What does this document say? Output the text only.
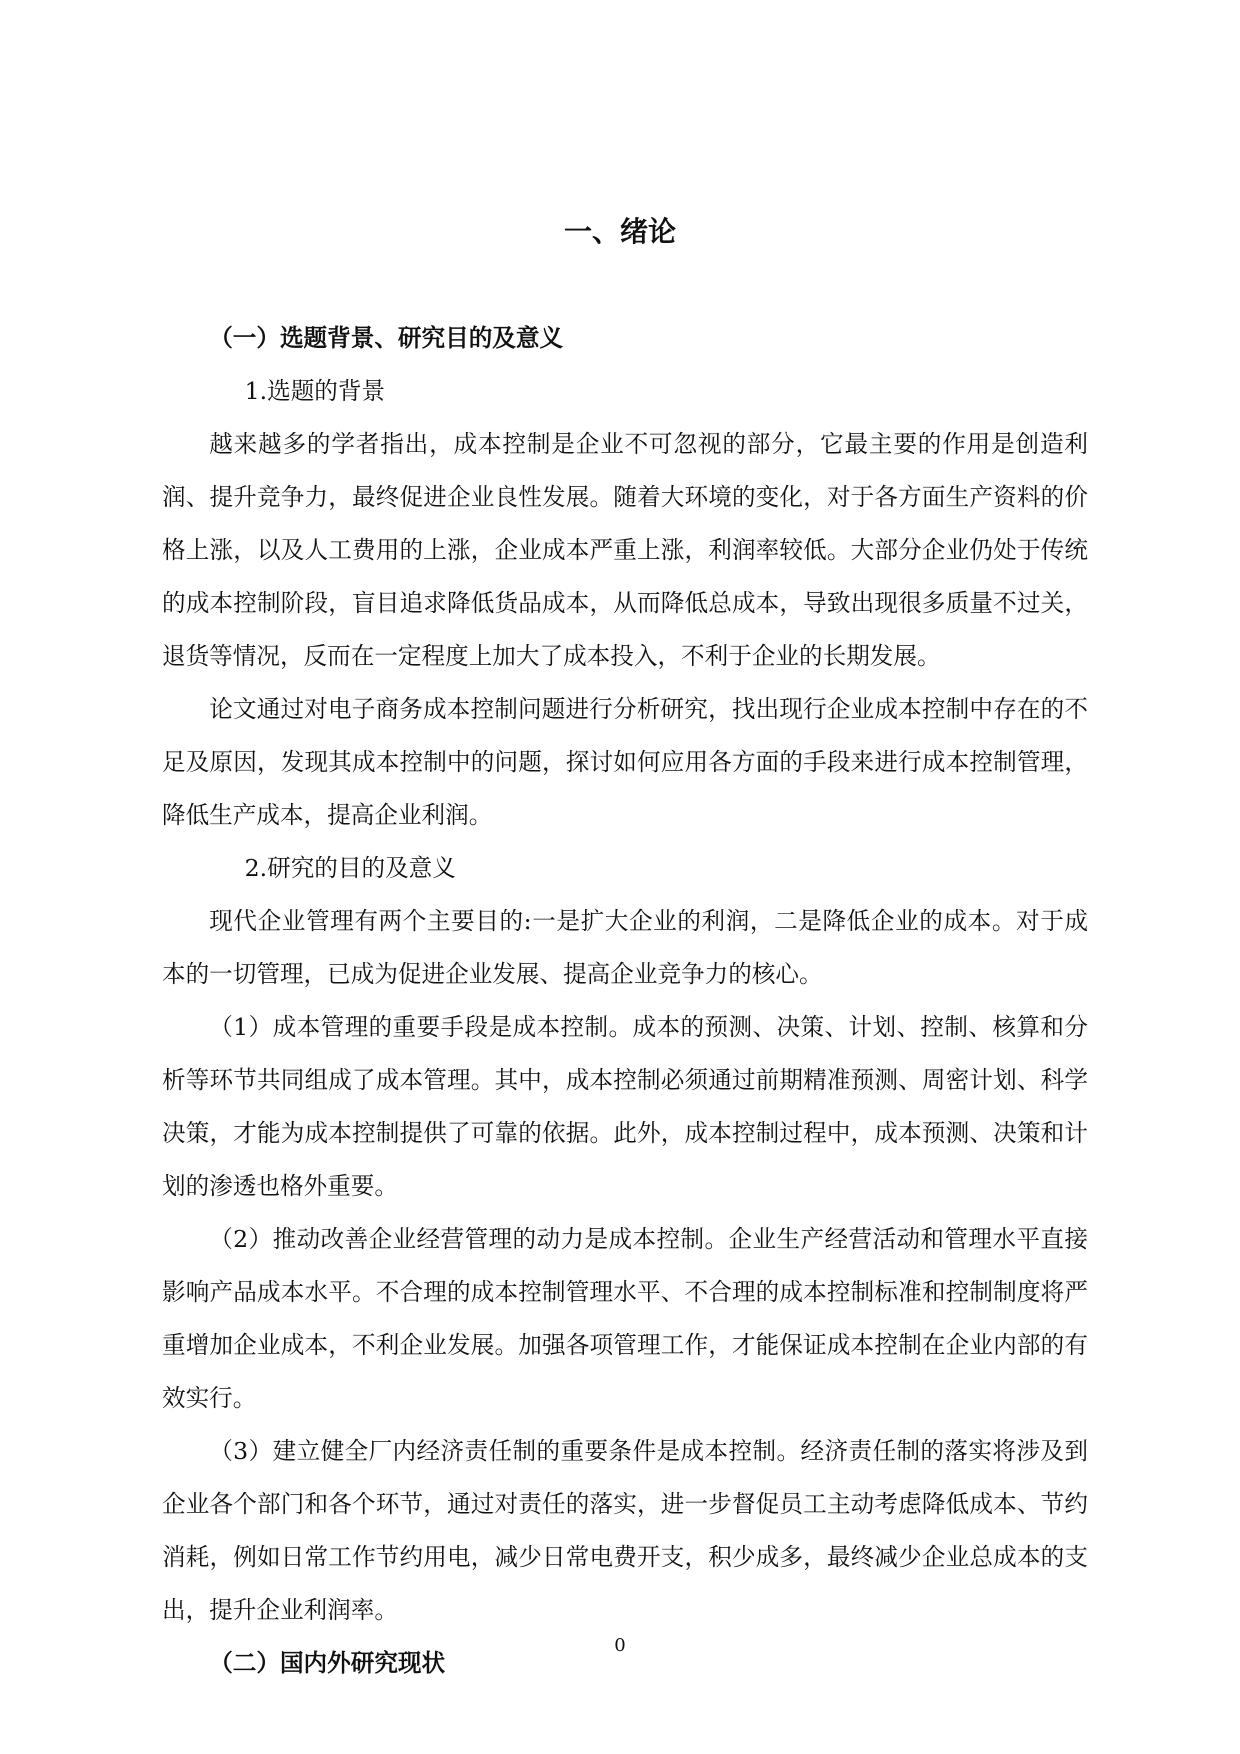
一、绪论

（一）选题背景、研究目的及意义

1.选题的背景

越来越多的学者指出，成本控制是企业不可忽视的部分，它最主要的作用是创造利润、提升竞争力，最终促进企业良性发展。随着大环境的变化，对于各方面生产资料的价格上涨，以及人工费用的上涨，企业成本严重上涨，利润率较低。大部分企业仍处于传统的成本控制阶段，盲目追求降低货品成本，从而降低总成本，导致出现很多质量不过关，退货等情况，反而在一定程度上加大了成本投入，不利于企业的长期发展。

论文通过对电子商务成本控制问题进行分析研究，找出现行企业成本控制中存在的不足及原因，发现其成本控制中的问题，探讨如何应用各方面的手段来进行成本控制管理，降低生产成本，提高企业利润。

2.研究的目的及意义

现代企业管理有两个主要目的:一是扩大企业的利润，二是降低企业的成本。对于成本的一切管理，已成为促进企业发展、提高企业竞争力的核心。

（1）成本管理的重要手段是成本控制。成本的预测、决策、计划、控制、核算和分析等环节共同组成了成本管理。其中，成本控制必须通过前期精准预测、周密计划、科学决策，才能为成本控制提供了可靠的依据。此外，成本控制过程中，成本预测、决策和计划的渗透也格外重要。

（2）推动改善企业经营管理的动力是成本控制。企业生产经营活动和管理水平直接影响产品成本水平。不合理的成本控制管理水平、不合理的成本控制标准和控制制度将严重增加企业成本，不利企业发展。加强各项管理工作，才能保证成本控制在企业内部的有效实行。

（3）建立健全厂内经济责任制的重要条件是成本控制。经济责任制的落实将涉及到企业各个部门和各个环节，通过对责任的落实，进一步督促员工主动考虑降低成本、节约消耗，例如日常工作节约用电，减少日常电费开支，积少成多，最终减少企业总成本的支出，提升企业利润率。

（二）国内外研究现状

0
